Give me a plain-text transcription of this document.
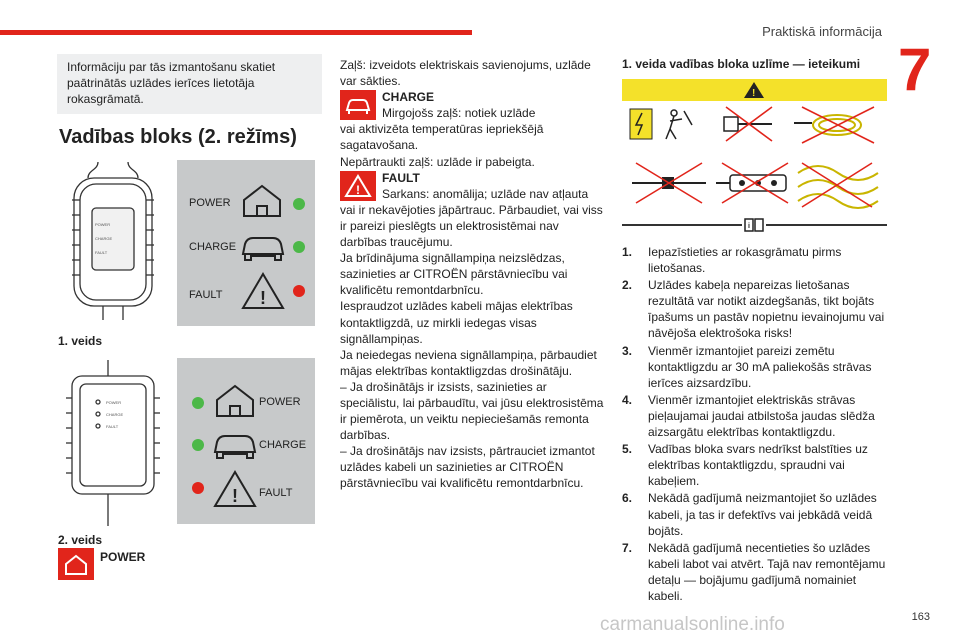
Praktiskā informācija
7
Informāciju par tās izmantošanu skatiet paātrinātās uzlādes ierīces lietotāja rokasgrāmatā.
Vadības bloks (2. režīms)
POWER
CHARGE
FAULT
POWER
CHARGE
FAULT !
1. veids
POWER
CHARGE
FAULT
POWER
CHARGE
! FAULT
2. veids
POWER
Zaļš: izveidots elektriskais savienojums, uzlāde var sākties.
CHARGE
Mirgojošs zaļš: notiek uzlāde
vai aktivizēta temperatūras iepriekšējā sagatavošana.
Nepārtraukti zaļš: uzlāde ir pabeigta.
!
FAULT
Sarkans: anomālija; uzlāde nav atļauta
vai ir nekavējoties jāpārtrauc. Pārbaudiet, vai viss ir pareizi pieslēgts un elektrosistēmai nav darbības traucējumu.
Ja brīdinājuma signāllampiņa neizslēdzas, sazinieties ar CITROËN pārstāvniecību vai kvalificētu remontdarbnīcu.
Iespraudzot uzlādes kabeli mājas elektrības kontaktligzdā, uz mirkli iedegas visas signāllampiņas.
Ja neiedegas neviena signāllampiņa, pārbaudiet mājas elektrības kontaktligzdas drošinātāju.
– Ja drošinātājs ir izsists, sazinieties ar speciālistu, lai pārbaudītu, vai jūsu elektrosistēma ir piemērota, un veiktu nepieciešamās remonta darbības.
– Ja drošinātājs nav izsists, pārtrauciet izmantot uzlādes kabeli un sazinieties ar CITROËN pārstāvniecību vai kvalificētu remontdarbnīcu.
1. veida vadības bloka uzlīme — ieteikumi
!
i
1. Iepazīstieties ar rokasgrāmatu pirms lietošanas.
2. Uzlādes kabeļa nepareizas lietošanas rezultātā var notikt aizdegšanās, tikt bojāts īpašums un pastāv nopietnu ievainojumu vai nāvējoša elektrošoka risks!
3. Vienmēr izmantojiet pareizi zemētu kontaktligzdu ar 30 mA paliekošās strāvas ierīces aizsardzību.
4. Vienmēr izmantojiet elektriskās strāvas pieļaujamai jaudai atbilstoša jaudas slēdža aizsargātu elektrības kontaktligzdu.
5. Vadības bloka svars nedrīkst balstīties uz elektrības kontaktligzdu, spraudni vai kabeļiem.
6. Nekādā gadījumā neizmantojiet šo uzlādes kabeli, ja tas ir defektīvs vai jebkādā veidā bojāts.
7. Nekādā gadījumā necentieties šo uzlādes kabeli labot vai atvērt. Tajā nav remontējamu detaļu — bojājumu gadījumā nomainiet kabeli.
163
carmanualsonline.info
